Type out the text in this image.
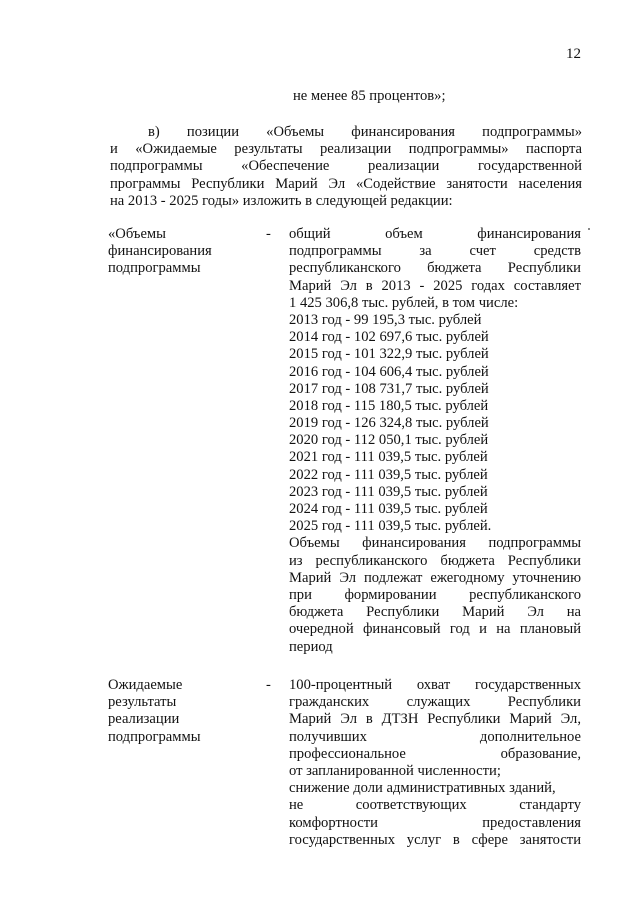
12
не менее 85 процентов»;
в) позиции «Объемы финансирования подпрограммы»
и «Ожидаемые результаты реализации подпрограммы» паспорта
подпрограммы «Обеспечение реализации государственной
программы Республики Марий Эл «Содействие занятости населения
на 2013 - 2025 годы» изложить в следующей редакции:
«Объемы
финансирования
подпрограммы
- общий объем финансирования
подпрограммы за счет средств
республиканского бюджета Республики
Марий Эл в 2013 - 2025 годах составляет
1 425 306,8 тыс. рублей, в том числе:
2013 год - 99 195,3 тыс. рублей
2014 год - 102 697,6 тыс. рублей
2015 год - 101 322,9 тыс. рублей
2016 год - 104 606,4 тыс. рублей
2017 год - 108 731,7 тыс. рублей
2018 год - 115 180,5 тыс. рублей
2019 год - 126 324,8 тыс. рублей
2020 год - 112 050,1 тыс. рублей
2021 год - 111 039,5 тыс. рублей
2022 год - 111 039,5 тыс. рублей
2023 год - 111 039,5 тыс. рублей
2024 год - 111 039,5 тыс. рублей
2025 год - 111 039,5 тыс. рублей.
Объемы финансирования подпрограммы
из республиканского бюджета Республики
Марий Эл подлежат ежегодному уточнению
при формировании республиканского
бюджета Республики Марий Эл на
очередной финансовый год и на плановый
период
Ожидаемые
результаты
реализации
подпрограммы
- 100-процентный охват государственных
гражданских служащих Республики
Марий Эл в ДТЗН Республики Марий Эл,
получивших дополнительное
профессиональное образование,
от запланированной численности;
снижение доли административных зданий,
не соответствующих стандарту
комфортности предоставления
государственных услуг в сфере занятости
